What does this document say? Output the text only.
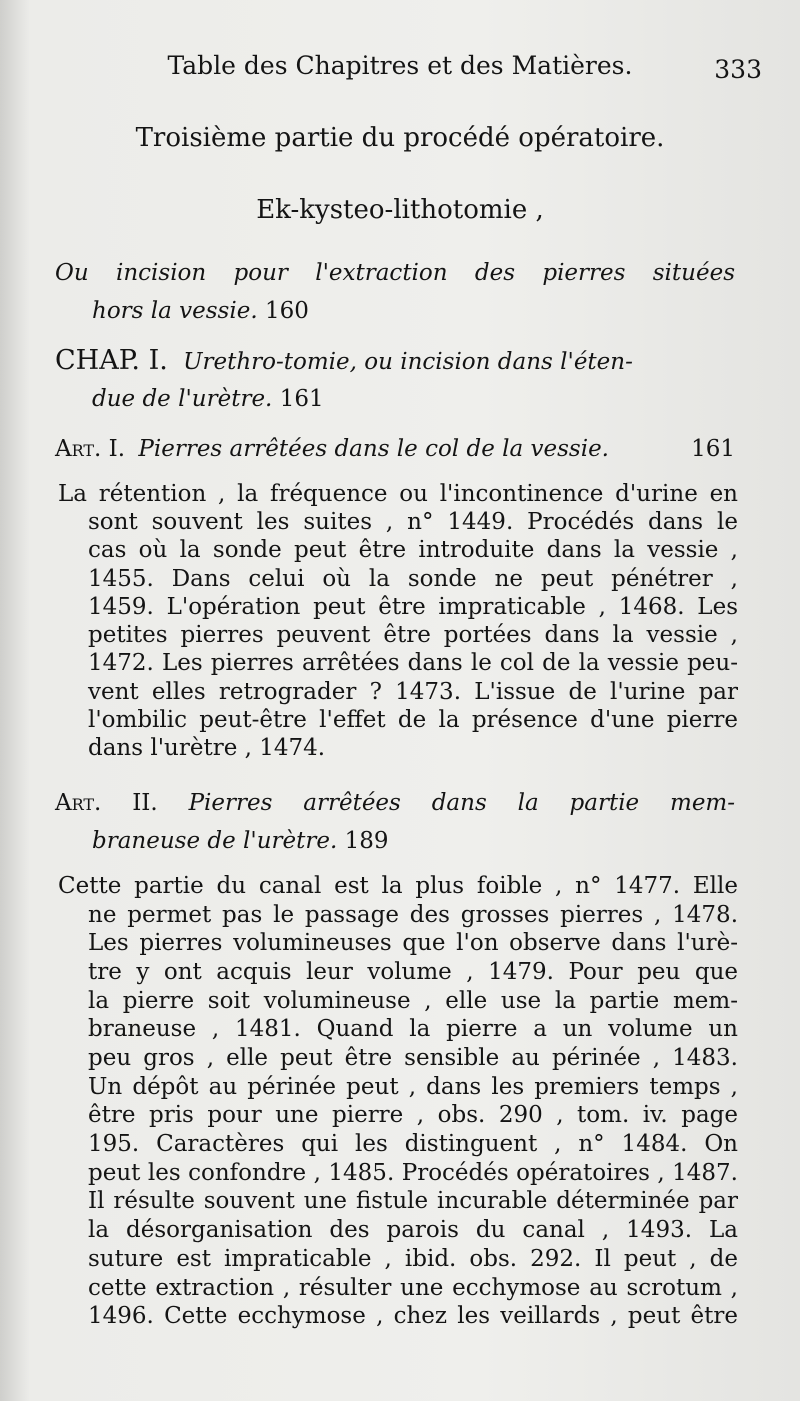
Table des Chapitres et des Matières.	333
Troisième partie du procédé opératoire.
Ek-kysteo-lithotomie ,
Ou incision pour l'extraction des pierres situées
hors la vessie. 160
CHAP. I. Urethro-tomie, ou incision dans l'éten-
due de l'urètre. 161
Art. I. Pierres arrêtées dans le col de la vessie.	161
La rétention , la fréquence ou l'incontinence d'urine en
sont souvent les suites , n° 1449. Procédés dans le
cas où la sonde peut être introduite dans la vessie ,
1455. Dans celui où la sonde ne peut pénétrer ,
1459. L'opération peut être impraticable , 1468. Les
petites pierres peuvent être portées dans la vessie ,
1472. Les pierres arrêtées dans le col de la vessie peu-
vent elles retrograder ? 1473. L'issue de l'urine par
l'ombilic peut-être l'effet de la présence d'une pierre
dans l'urètre , 1474.
Art. II. Pierres arrêtées dans la partie mem-
braneuse de l'urètre. 189
Cette partie du canal est la plus foible , n° 1477. Elle
ne permet pas le passage des grosses pierres , 1478.
Les pierres volumineuses que l'on observe dans l'urè-
tre y ont acquis leur volume , 1479. Pour peu que
la pierre soit volumineuse , elle use la partie mem-
braneuse , 1481. Quand la pierre a un volume un
peu gros , elle peut être sensible au périnée , 1483.
Un dépôt au périnée peut , dans les premiers temps ,
être pris pour une pierre , obs. 290 , tom. iv. page
195. Caractères qui les distinguent , n° 1484. On
peut les confondre , 1485. Procédés opératoires , 1487.
Il résulte souvent une fistule incurable déterminée par
la désorganisation des parois du canal , 1493. La
suture est impraticable , ibid. obs. 292. Il peut , de
cette extraction , résulter une ecchymose au scrotum ,
1496. Cette ecchymose , chez les veillards , peut être
